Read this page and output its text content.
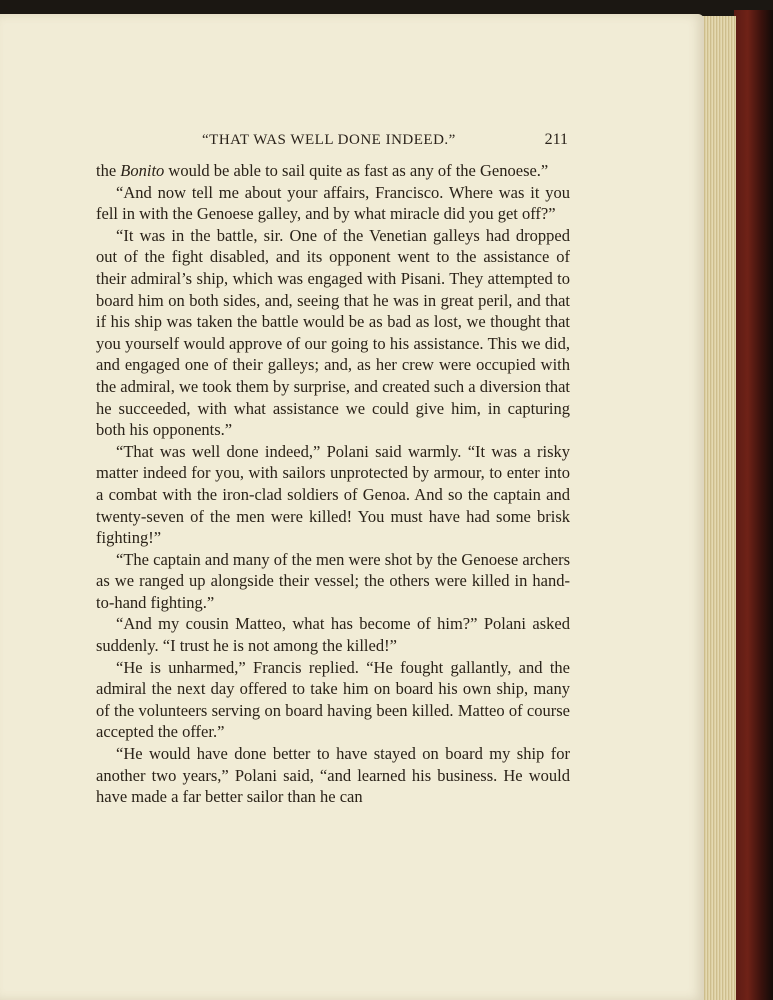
“THAT WAS WELL DONE INDEED.”	211

the Bonito would be able to sail quite as fast as any of the Genoese.”

“And now tell me about your affairs, Francisco. Where was it you fell in with the Genoese galley, and by what miracle did you get off?”

“It was in the battle, sir. One of the Venetian galleys had dropped out of the fight disabled, and its opponent went to the assistance of their admiral’s ship, which was engaged with Pisani. They attempted to board him on both sides, and, seeing that he was in great peril, and that if his ship was taken the battle would be as bad as lost, we thought that you yourself would approve of our going to his assistance. This we did, and engaged one of their galleys; and, as her crew were occupied with the admiral, we took them by surprise, and created such a diversion that he succeeded, with what assistance we could give him, in capturing both his opponents.”

“That was well done indeed,” Polani said warmly. “It was a risky matter indeed for you, with sailors unprotected by armour, to enter into a combat with the iron-clad soldiers of Genoa. And so the captain and twenty-seven of the men were killed! You must have had some brisk fighting!”

“The captain and many of the men were shot by the Genoese archers as we ranged up alongside their vessel; the others were killed in hand-to-hand fighting.”

“And my cousin Matteo, what has become of him?” Polani asked suddenly. “I trust he is not among the killed!”

“He is unharmed,” Francis replied. “He fought gallantly, and the admiral the next day offered to take him on board his own ship, many of the volunteers serving on board having been killed. Matteo of course accepted the offer.”

“He would have done better to have stayed on board my ship for another two years,” Polani said, “and learned his business. He would have made a far better sailor than he can
